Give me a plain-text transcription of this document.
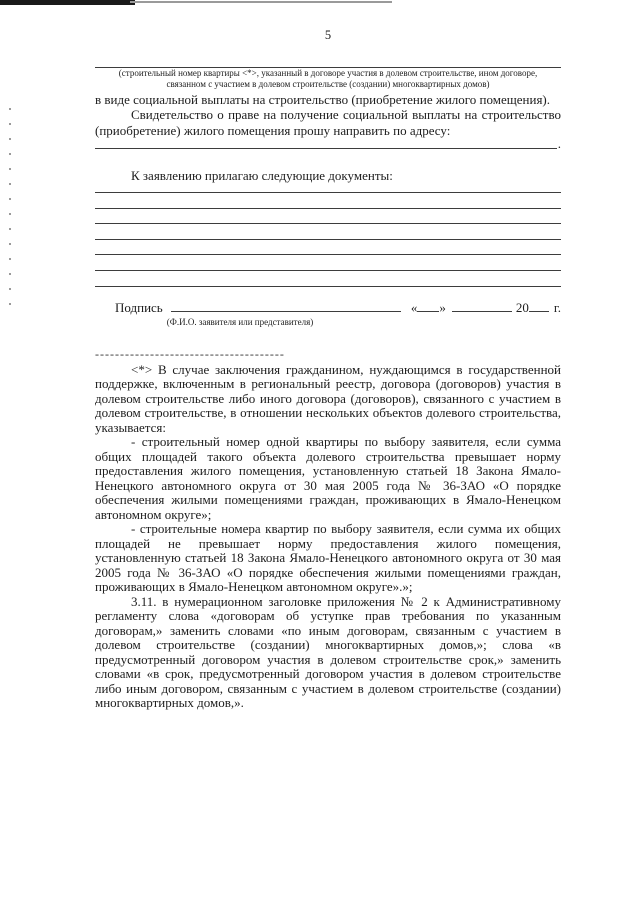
5
(строительный номер квартиры <*>, указанный в договоре участия в долевом строительстве, ином договоре,
связанном с участием в долевом строительстве (создании) многоквартирных домов)
в виде социальной выплаты на строительство (приобретение жилого помещения).
Свидетельство о праве на получение социальной выплаты на строительство (приобретение) жилого помещения прошу направить по адресу:
.
К заявлению прилагаю следующие документы:
Подпись	« »	20 г.
(Ф.И.О. заявителя или представителя)
--------------------------------------
<*> В случае заключения гражданином, нуждающимся в государственной поддержке, включенным в региональный реестр, договора (договоров) участия в долевом строительстве либо иного договора (договоров), связанного с участием в долевом строительстве, в отношении нескольких объектов долевого строительства, указывается:
- строительный номер одной квартиры по выбору заявителя, если сумма общих площадей такого объекта долевого строительства превышает норму предоставления жилого помещения, установленную статьей 18 Закона Ямало-Ненецкого автономного округа от 30 мая 2005 года № 36-ЗАО «О порядке обеспечения жилыми помещениями граждан, проживающих в Ямало-Ненецком автономном округе»;
- строительные номера квартир по выбору заявителя, если сумма их общих площадей не превышает норму предоставления жилого помещения, установленную статьей 18 Закона Ямало-Ненецкого автономного округа от 30 мая 2005 года № 36-ЗАО «О порядке обеспечения жилыми помещениями граждан, проживающих в Ямало-Ненецком автономном округе».»;
3.11. в нумерационном заголовке приложения № 2 к Административному регламенту слова «договорам об уступке прав требования по указанным договорам,» заменить словами «по иным договорам, связанным с участием в долевом строительстве (создании) многоквартирных домов,»; слова «в предусмотренный договором участия в долевом строительстве срок,» заменить словами «в срок, предусмотренный договором участия в долевом строительстве либо иным договором, связанным с участием в долевом строительстве (создании) многоквартирных домов,».
